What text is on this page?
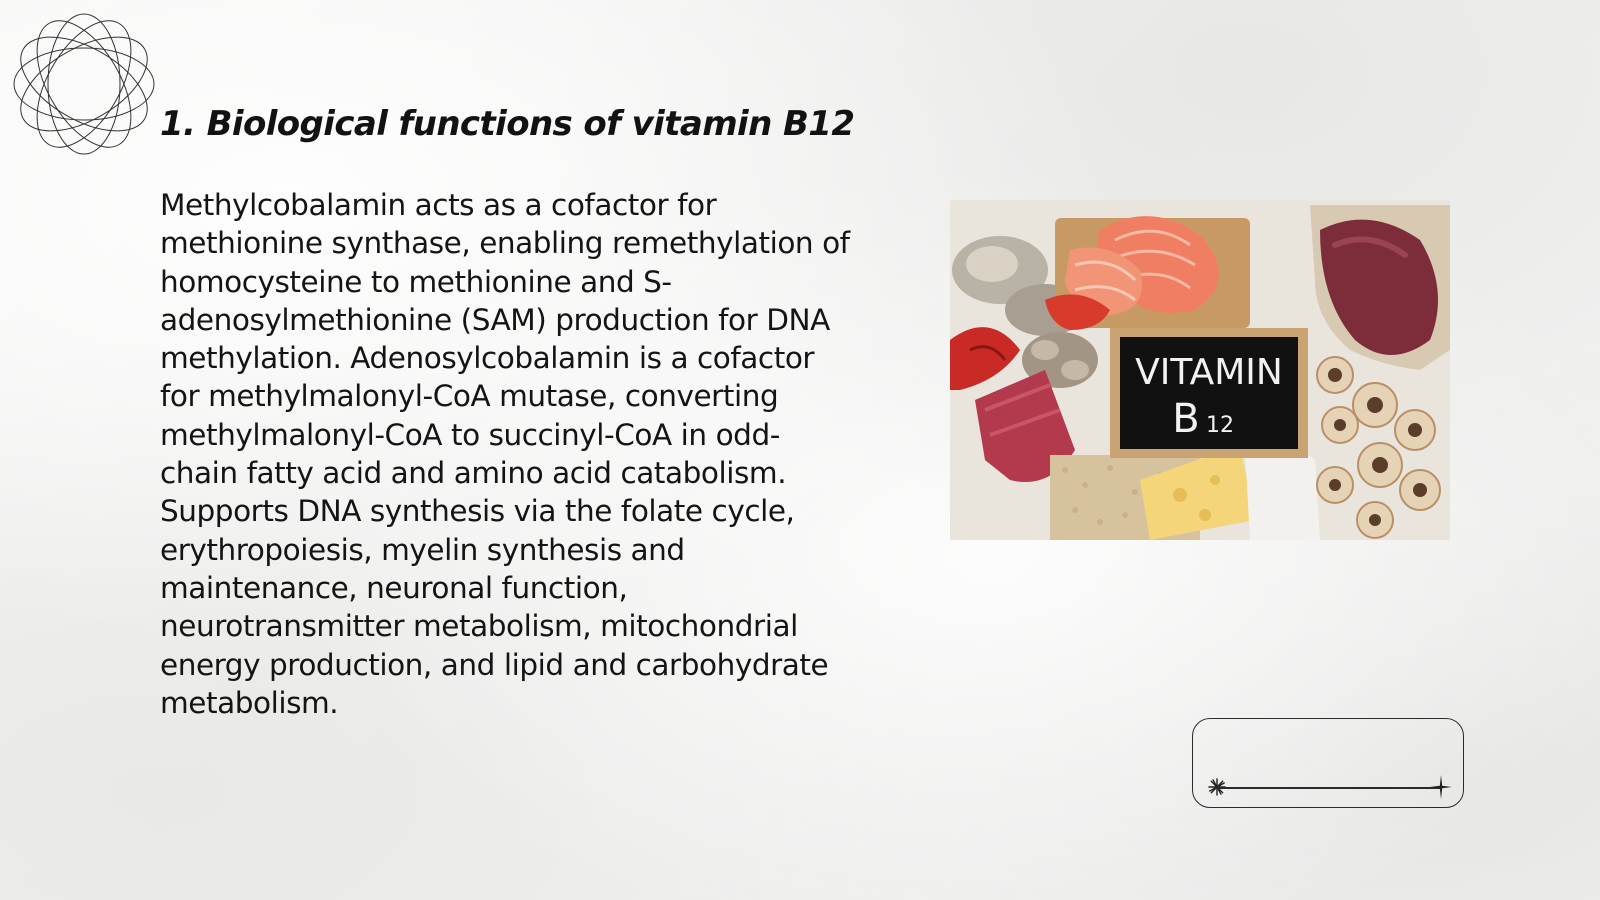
1. Biological functions of vitamin B12

Methylcobalamin acts as a cofactor for methionine synthase, enabling remethylation of homocysteine to methionine and S-adenosylmethionine (SAM) production for DNA methylation. Adenosylcobalamin is a cofactor for methylmalonyl-CoA mutase, converting methylmalonyl-CoA to succinyl-CoA in odd-chain fatty acid and amino acid catabolism. Supports DNA synthesis via the folate cycle, erythropoiesis, myelin synthesis and maintenance, neuronal function, neurotransmitter metabolism, mitochondrial energy production, and lipid and carbohydrate metabolism.

VITAMIN
B 12
